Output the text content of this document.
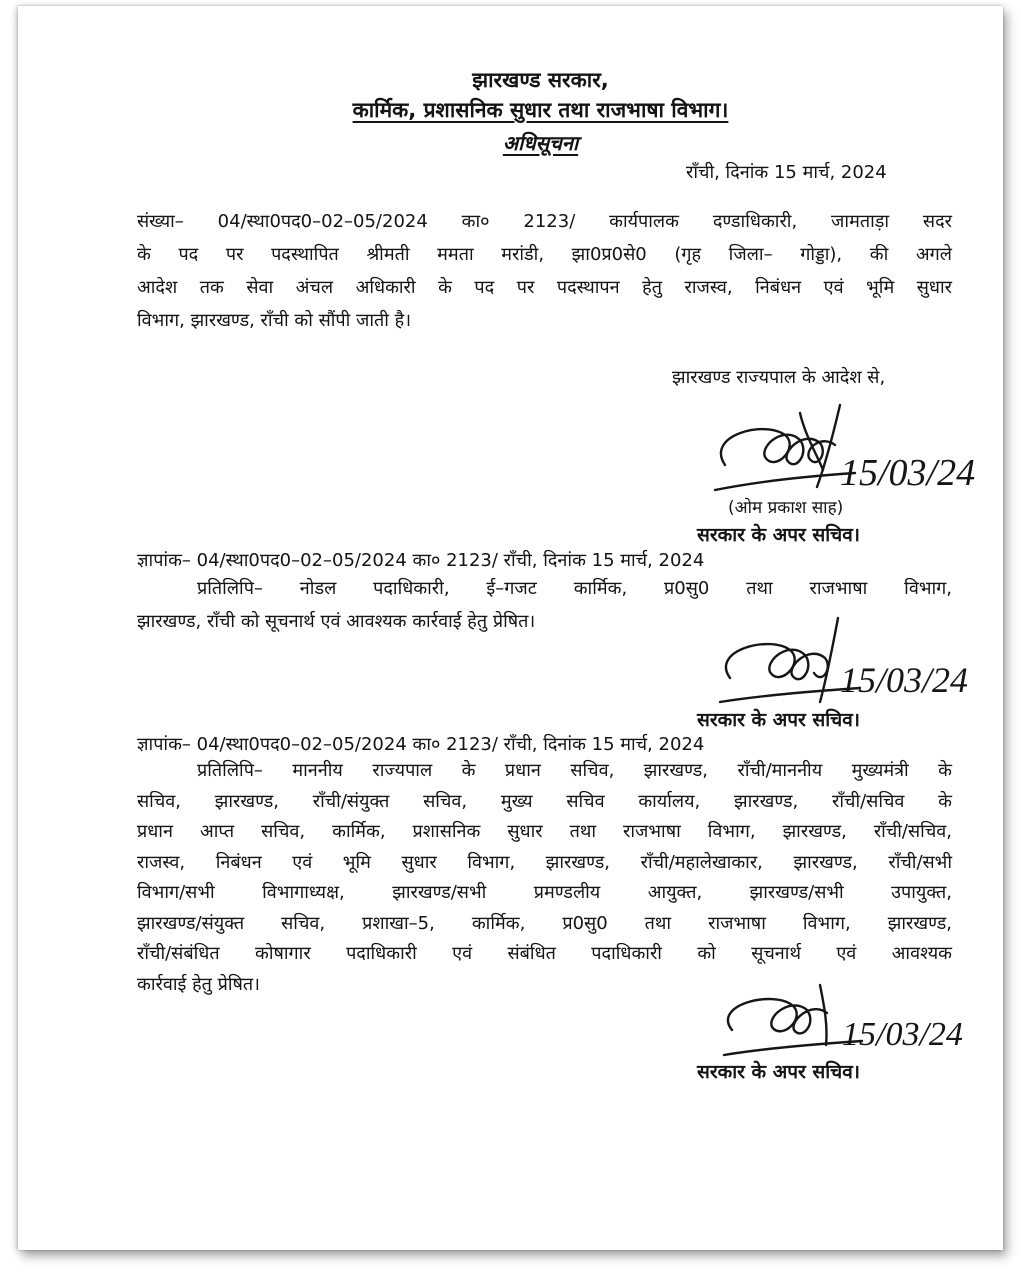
झारखण्ड सरकार,
कार्मिक, प्रशासनिक सुधार तथा राजभाषा विभाग।
अधिसूचना
राँची, दिनांक 15 मार्च, 2024
संख्या– 04/स्था0पद0–02–05/2024 का० 2123/ कार्यपालक दण्डाधिकारी, जामताड़ा सदर
के पद पर पदस्थापित श्रीमती ममता मरांडी, झा0प्र0से0 (गृह जिला– गोड्डा), की अगले
आदेश तक सेवा अंचल अधिकारी के पद पर पदस्थापन हेतु राजस्व, निबंधन एवं भूमि सुधार
विभाग, झारखण्ड, राँची को सौंपी जाती है।
झारखण्ड राज्यपाल के आदेश से,
15/03/24
(ओम प्रकाश साह)
सरकार के अपर सचिव।
ज्ञापांक– 04/स्था0पद0–02–05/2024 का० 2123/ राँची, दिनांक 15 मार्च, 2024
प्रतिलिपि– नोडल पदाधिकारी, ई–गजट कार्मिक, प्र0सु0 तथा राजभाषा विभाग,
झारखण्ड, राँची को सूचनार्थ एवं आवश्यक कार्रवाई हेतु प्रेषित।
15/03/24
सरकार के अपर सचिव।
ज्ञापांक– 04/स्था0पद0–02–05/2024 का० 2123/ राँची, दिनांक 15 मार्च, 2024
प्रतिलिपि– माननीय राज्यपाल के प्रधान सचिव, झारखण्ड, राँची/माननीय मुख्यमंत्री के
सचिव, झारखण्ड, राँची/संयुक्त सचिव, मुख्य सचिव कार्यालय, झारखण्ड, राँची/सचिव के
प्रधान आप्त सचिव, कार्मिक, प्रशासनिक सुधार तथा राजभाषा विभाग, झारखण्ड, राँची/सचिव,
राजस्व, निबंधन एवं भूमि सुधार विभाग, झारखण्ड, राँची/महालेखाकार, झारखण्ड, राँची/सभी
विभाग/सभी विभागाध्यक्ष, झारखण्ड/सभी प्रमण्डलीय आयुक्त, झारखण्ड/सभी उपायुक्त,
झारखण्ड/संयुक्त सचिव, प्रशाखा–5, कार्मिक, प्र0सु0 तथा राजभाषा विभाग, झारखण्ड,
राँची/संबंधित कोषागार पदाधिकारी एवं संबंधित पदाधिकारी को सूचनार्थ एवं आवश्यक
कार्रवाई हेतु प्रेषित।
15/03/24
सरकार के अपर सचिव।
